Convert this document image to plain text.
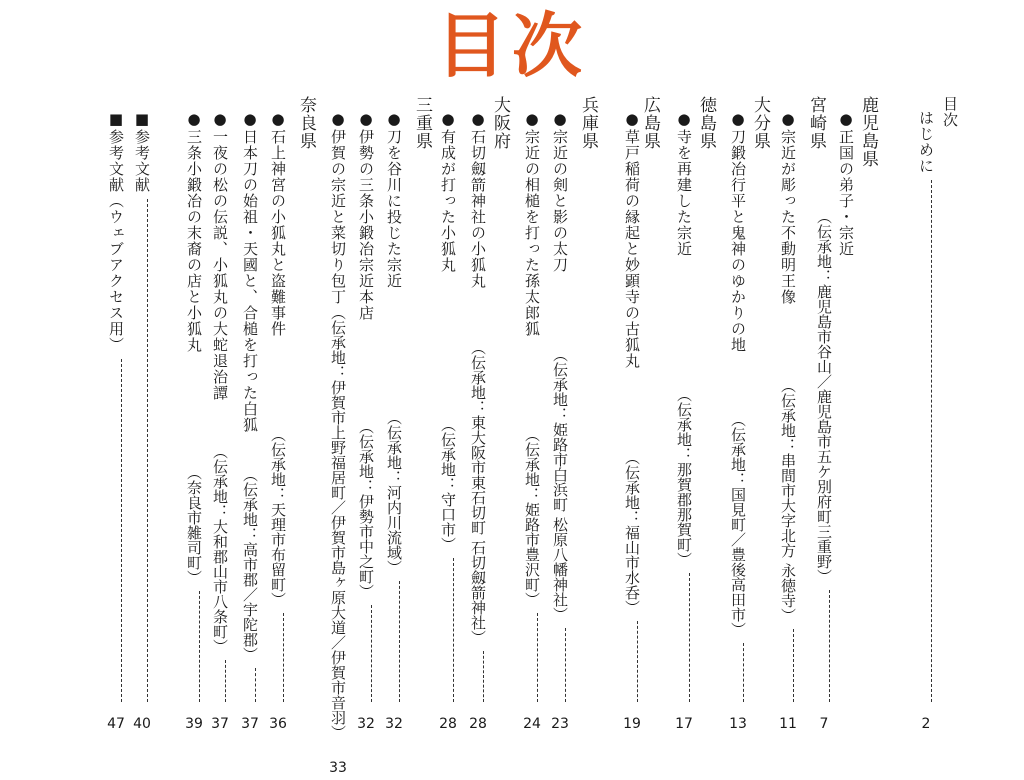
目次
目次
はじめに
2
鹿児島県
●正国の弟子・宗近
（伝承地：鹿児島市谷山／鹿児島市五ケ別府町三重野）
7
宮崎県
●宗近が彫った不動明王像
（伝承地：串間市大字北方 永徳寺）
11
大分県
●刀鍛冶行平と鬼神のゆかりの地
（伝承地：国見町／豊後高田市）
13
徳島県
●寺を再建した宗近
（伝承地：那賀郡那賀町）
17
広島県
●草戸稲荷の縁起と妙顕寺の古狐丸
（伝承地：福山市水呑）
19
兵庫県
●宗近の剣と影の太刀
（伝承地：姫路市白浜町 松原八幡神社）
23
●宗近の相槌を打った孫太郎狐
（伝承地：姫路市豊沢町）
24
大阪府
●石切劔箭神社の小狐丸
（伝承地：東大阪市東石切町 石切劔箭神社）
28
●有成が打った小狐丸
（伝承地：守口市）
28
三重県
●刀を谷川に投じた宗近
（伝承地：河内川流域）
32
●伊勢の三条小鍛冶宗近本店
（伝承地：伊勢市中之町）
32
●伊賀の宗近と菜切り包丁
（伝承地：伊賀市上野福居町／伊賀市島ヶ原大道／伊賀市音羽）
33
奈良県
●石上神宮の小狐丸と盗難事件
（伝承地：天理市布留町）
36
●日本刀の始祖・天國と、合槌を打った白狐
（伝承地：高市郡／宇陀郡）
37
●一夜の松の伝説、小狐丸の大蛇退治譚
（伝承地：大和郡山市八条町）
37
●三条小鍛冶の末裔の店と小狐丸
（奈良市雑司町）
39
■参考文献
40
■参考文献（ウェブアクセス用）
47
